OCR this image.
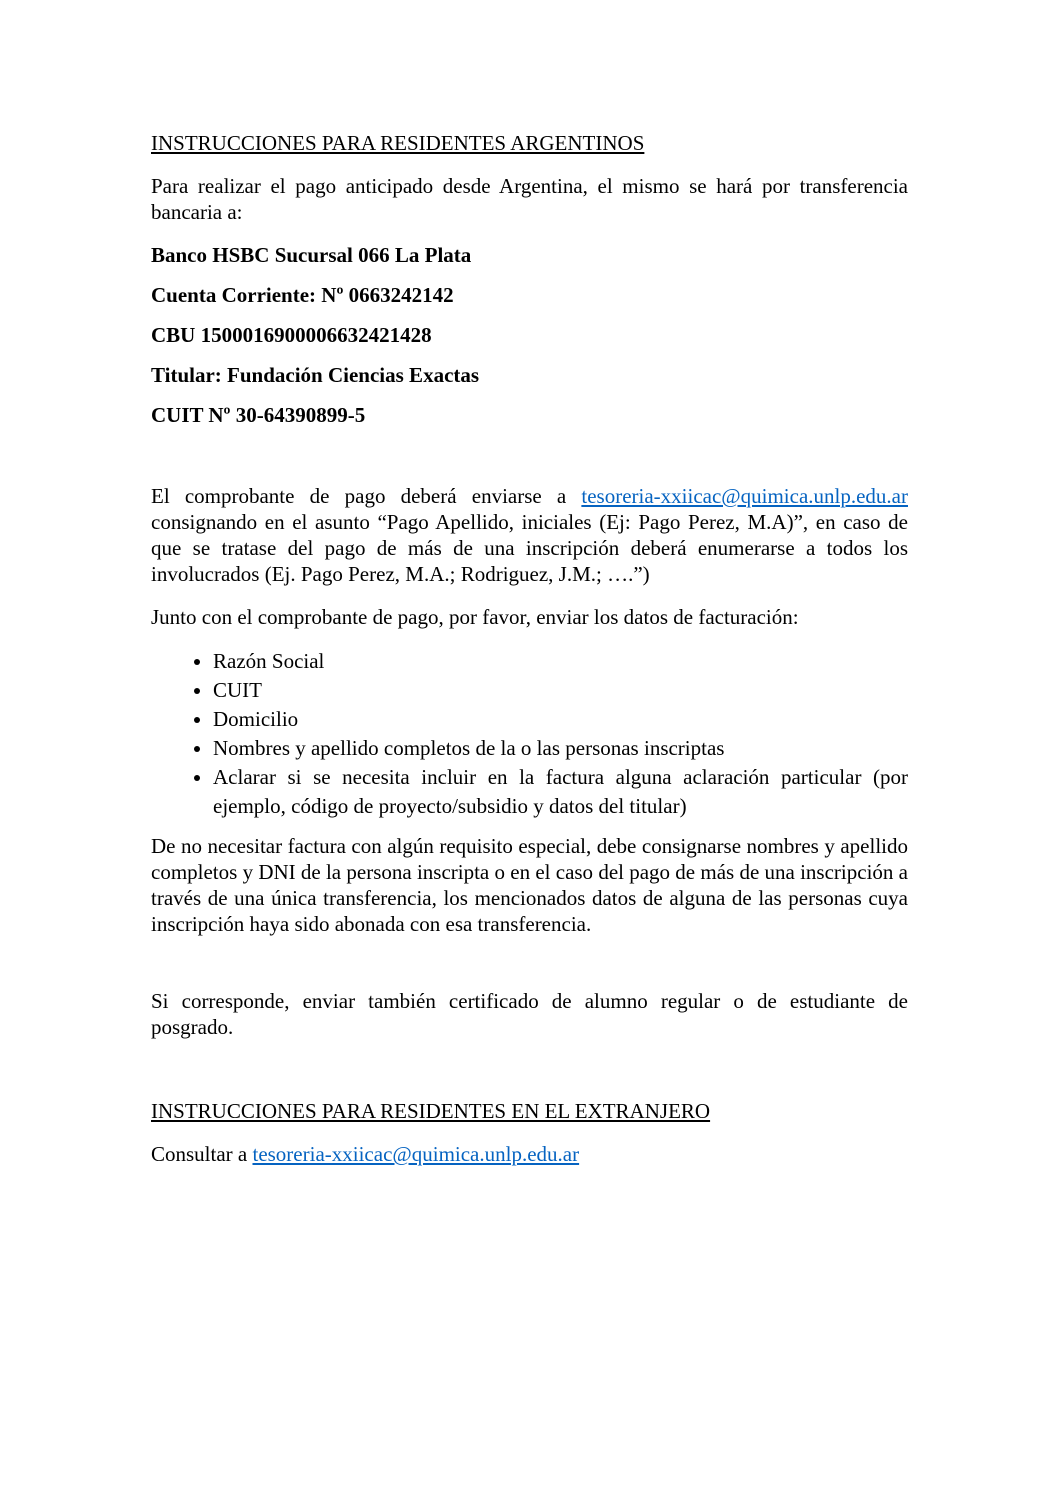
INSTRUCCIONES PARA RESIDENTES ARGENTINOS

Para realizar el pago anticipado desde Argentina, el mismo se hará por transferencia bancaria a:

Banco HSBC Sucursal 066 La Plata

Cuenta Corriente: Nº 0663242142

CBU 1500016900006632421428

Titular: Fundación Ciencias Exactas

CUIT Nº 30-64390899-5

El comprobante de pago deberá enviarse a tesoreria-xxiicac@quimica.unlp.edu.ar consignando en el asunto “Pago Apellido, iniciales (Ej: Pago Perez, M.A)”, en caso de que se tratase del pago de más de una inscripción deberá enumerarse a todos los involucrados (Ej. Pago Perez, M.A.; Rodriguez, J.M.; ….”)

Junto con el comprobante de pago, por favor, enviar los datos de facturación:

• Razón Social
• CUIT
• Domicilio
• Nombres y apellido completos de la o las personas inscriptas
• Aclarar si se necesita incluir en la factura alguna aclaración particular (por ejemplo, código de proyecto/subsidio y datos del titular)

De no necesitar factura con algún requisito especial, debe consignarse nombres y apellido completos y DNI de la persona inscripta o en el caso del pago de más de una inscripción a través de una única transferencia, los mencionados datos de alguna de las personas cuya inscripción haya sido abonada con esa transferencia.

Si corresponde, enviar también certificado de alumno regular o de estudiante de posgrado.

INSTRUCCIONES PARA RESIDENTES EN EL EXTRANJERO

Consultar a tesoreria-xxiicac@quimica.unlp.edu.ar
